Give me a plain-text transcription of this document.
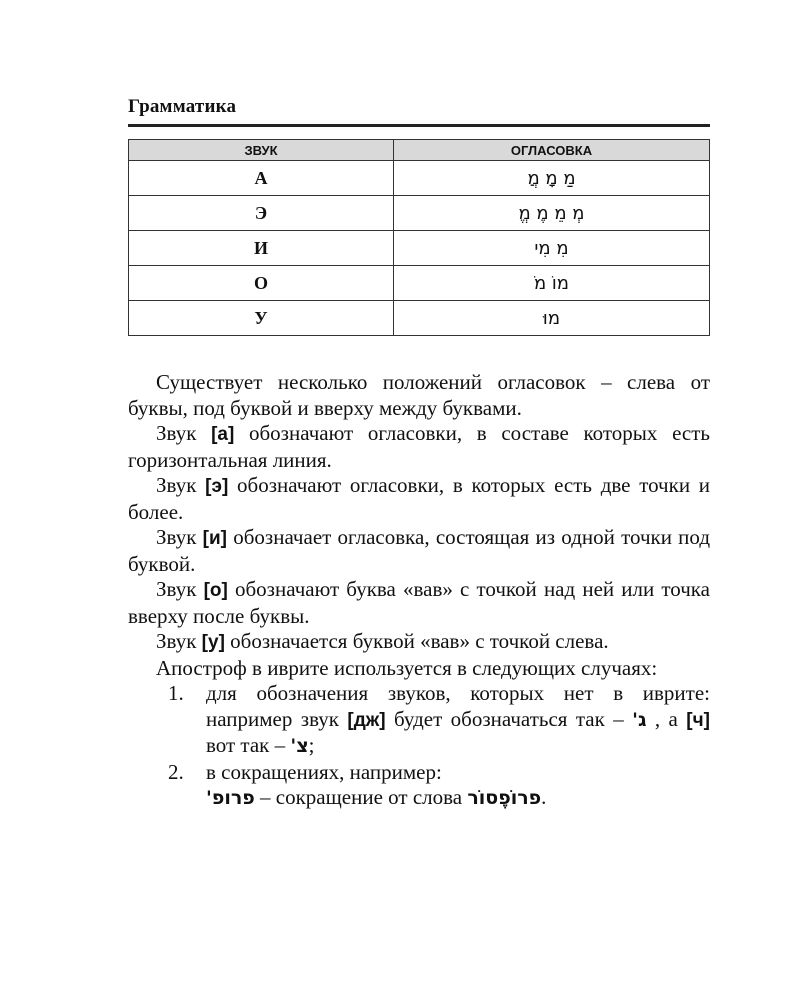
Грамматика
ЗВУК	ОГЛАСОВКА
А	מַ מָ מֲ
Э	מְ מֵ מֶ מֱ
И	מִ מִי
О	מוֹ מֹ
У	מוּ

Существует несколько положений огласовок – слева от буквы, под буквой и вверху между буквами.

Звук [а] обозначают огласовки, в составе которых есть горизонтальная линия.

Звук [э] обозначают огласовки, в которых есть две точки и более.

Звук [и] обозначает огласовка, состоящая из одной точки под буквой.

Звук [о] обозначают буква «вав» с точкой над ней или точка вверху после буквы.

Звук [у] обозначается буквой «вав» с точкой слева.

Апостроф в иврите используется в следующих случаях:

1. для обозначения звуков, которых нет в иврите: например звук [дж] будет обозначаться так – ג' , а [ч] вот так – צ';
2. в сокращениях, например:
פרופ' – сокращение от слова פרוֹפֶסוֹר.
